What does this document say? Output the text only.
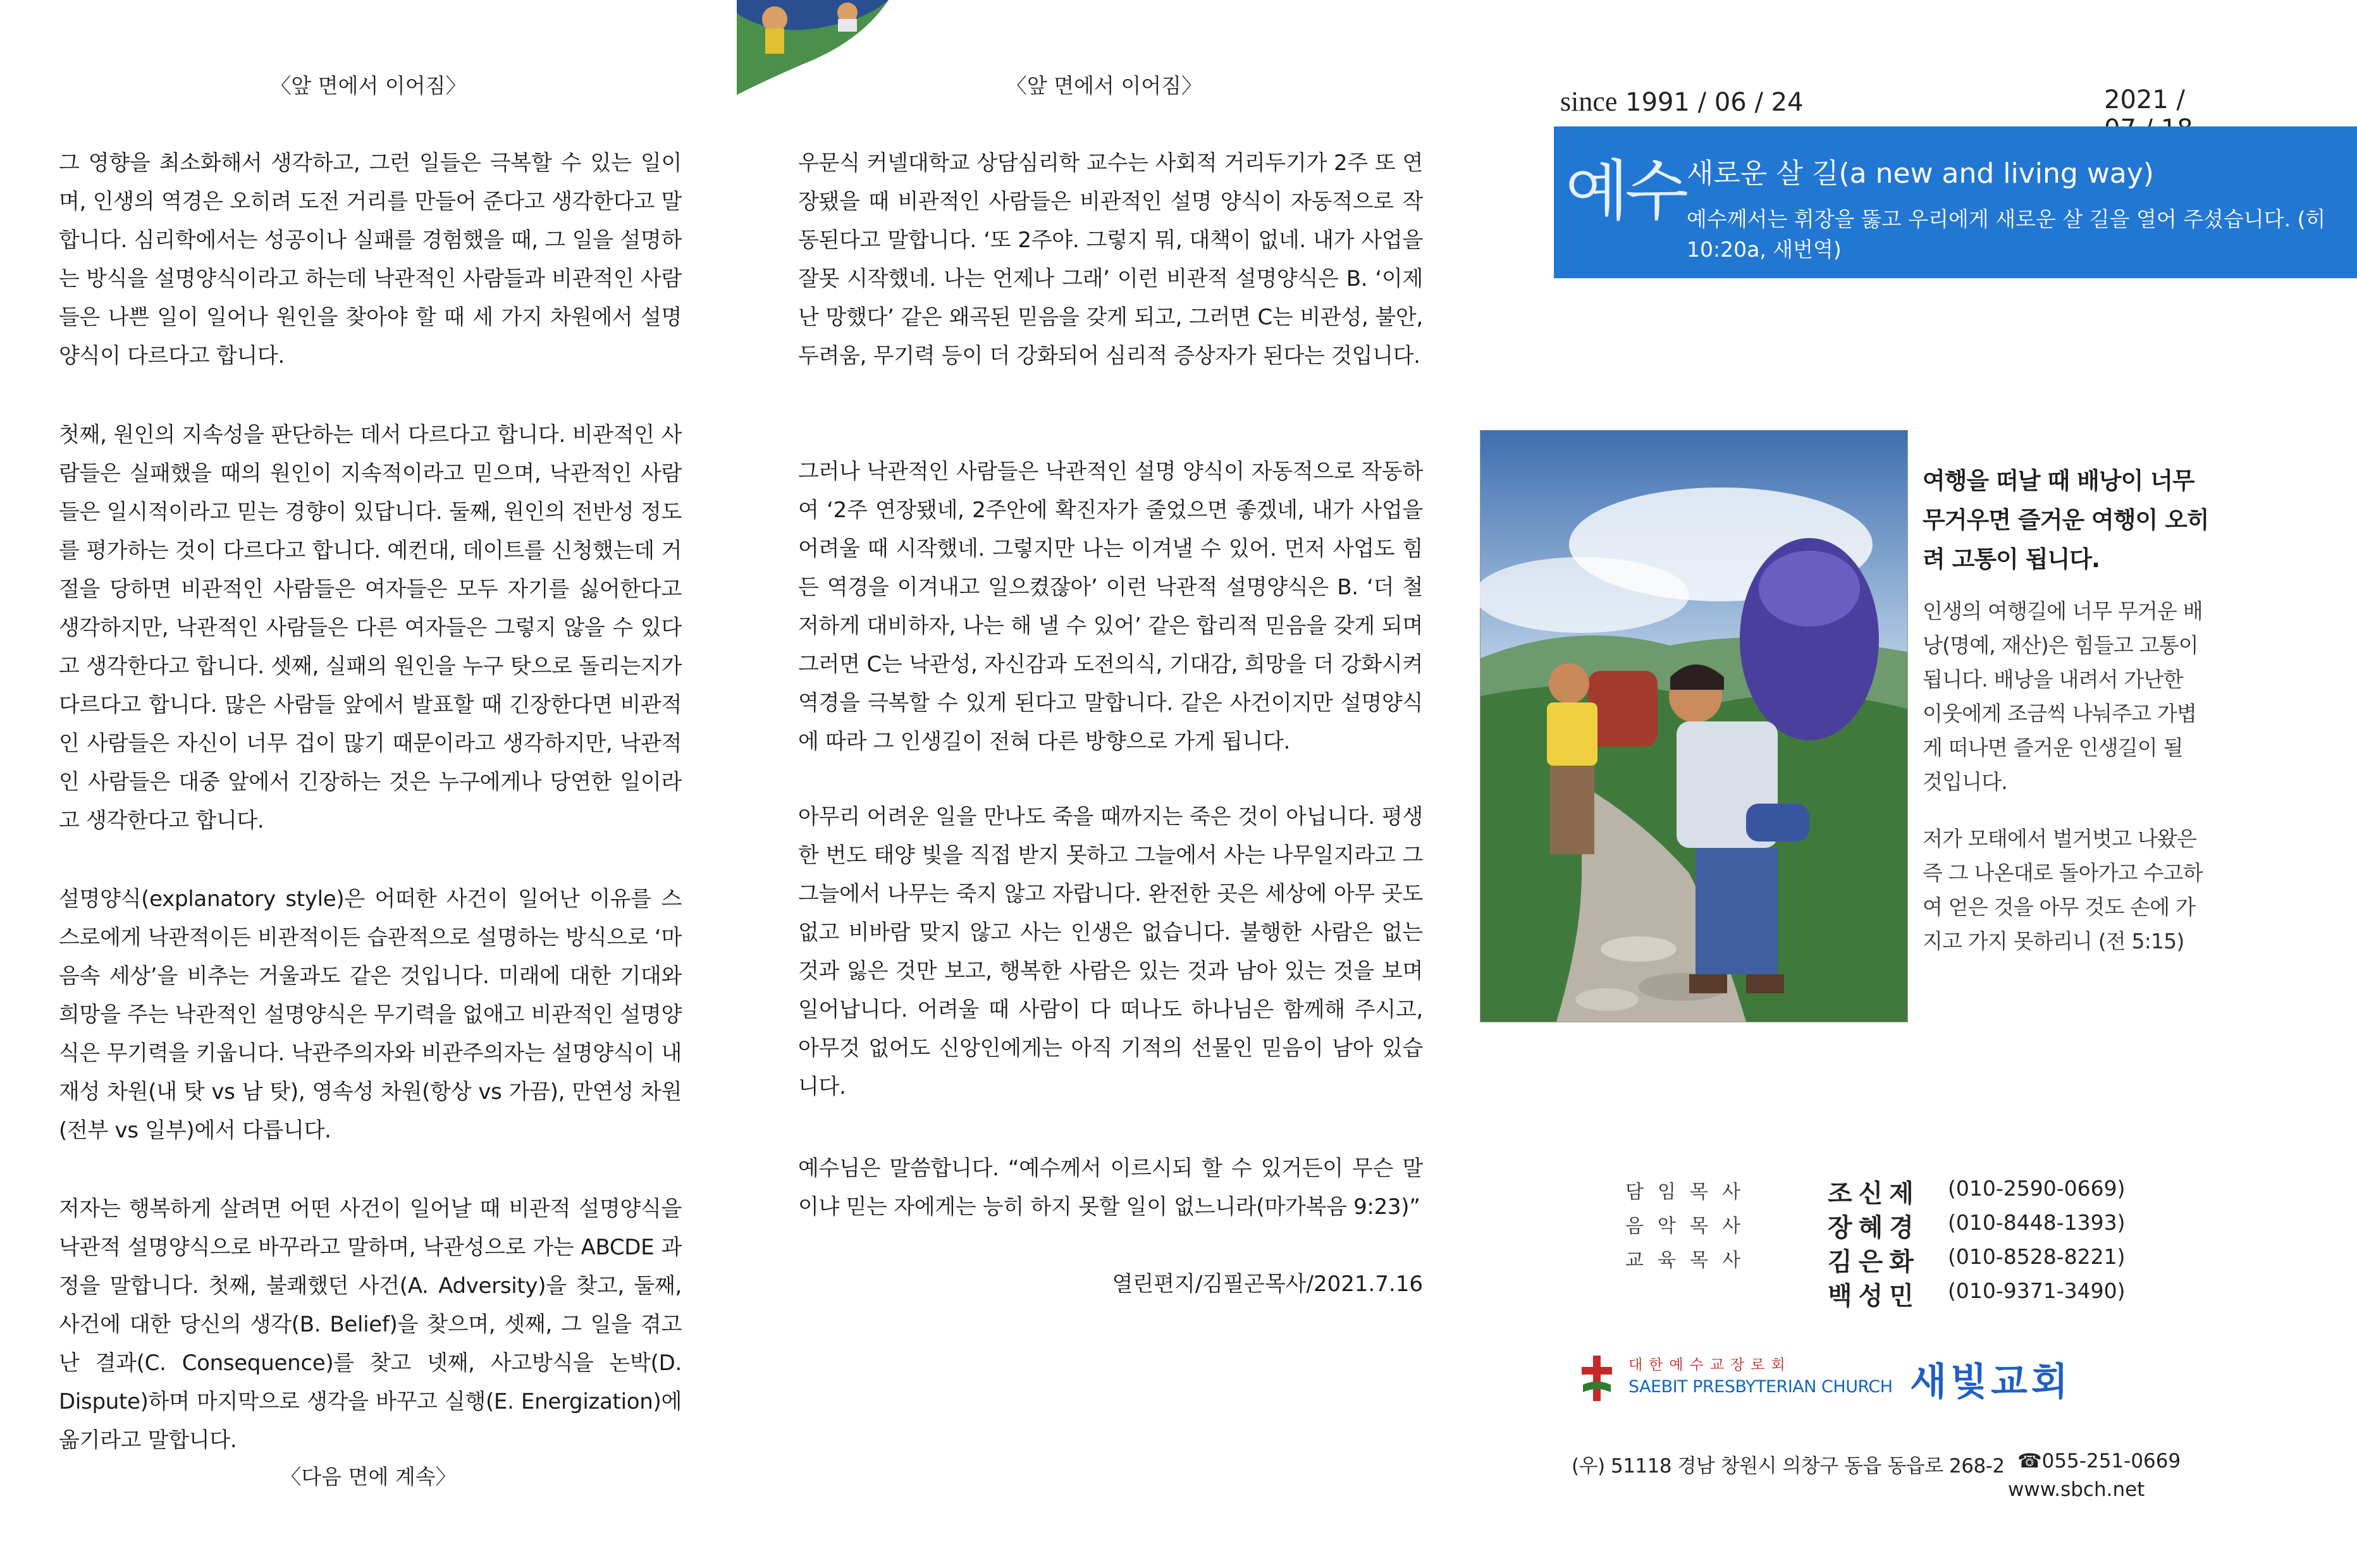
〈앞 면에서 이어짐〉

그 영향을 최소화해서 생각하고, 그런 일들은 극복할 수 있는 일이며, 인생의 역경은 오히려 도전 거리를 만들어 준다고 생각한다고 말합니다. 심리학에서는 성공이나 실패를 경험했을 때, 그 일을 설명하는 방식을 설명양식이라고 하는데 낙관적인 사람들과 비관적인 사람들은 나쁜 일이 일어나 원인을 찾아야 할 때 세 가지 차원에서 설명양식이 다르다고 합니다.

첫째, 원인의 지속성을 판단하는 데서 다르다고 합니다. 비관적인 사람들은 실패했을 때의 원인이 지속적이라고 믿으며, 낙관적인 사람들은 일시적이라고 믿는 경향이 있답니다. 둘째, 원인의 전반성 정도를 평가하는 것이 다르다고 합니다. 예컨대, 데이트를 신청했는데 거절을 당하면 비관적인 사람들은 여자들은 모두 자기를 싫어한다고 생각하지만, 낙관적인 사람들은 다른 여자들은 그렇지 않을 수 있다고 생각한다고 합니다. 셋째, 실패의 원인을 누구 탓으로 돌리는지가 다르다고 합니다. 많은 사람들 앞에서 발표할 때 긴장한다면 비관적인 사람들은 자신이 너무 겁이 많기 때문이라고 생각하지만, 낙관적인 사람들은 대중 앞에서 긴장하는 것은 누구에게나 당연한 일이라고 생각한다고 합니다.

설명양식(explanatory style)은 어떠한 사건이 일어난 이유를 스스로에게 낙관적이든 비관적이든 습관적으로 설명하는 방식으로 ‘마음속 세상’을 비추는 거울과도 같은 것입니다. 미래에 대한 기대와 희망을 주는 낙관적인 설명양식은 무기력을 없애고 비관적인 설명양식은 무기력을 키웁니다. 낙관주의자와 비관주의자는 설명양식이 내재성 차원(내 탓 vs 남 탓), 영속성 차원(항상 vs 가끔), 만연성 차원(전부 vs 일부)에서 다릅니다.

저자는 행복하게 살려면 어떤 사건이 일어날 때 비관적 설명양식을 낙관적 설명양식으로 바꾸라고 말하며, 낙관성으로 가는 ABCDE 과정을 말합니다. 첫째, 불쾌했던 사건(A. Adversity)을 찾고, 둘째, 사건에 대한 당신의 생각(B. Belief)을 찾으며, 셋째, 그 일을 겪고 난 결과(C. Consequence)를 찾고 넷째, 사고방식을 논박(D. Dispute)하며 마지막으로 생각을 바꾸고 실행(E. Energization)에 옮기라고 말합니다.

〈다음 면에 계속〉
〈앞 면에서 이어짐〉

우문식 커넬대학교 상담심리학 교수는 사회적 거리두기가 2주 또 연장됐을 때 비관적인 사람들은 비관적인 설명 양식이 자동적으로 작동된다고 말합니다. ‘또 2주야. 그렇지 뭐, 대책이 없네. 내가 사업을 잘못 시작했네. 나는 언제나 그래’ 이런 비관적 설명양식은 B. ‘이제 난 망했다’ 같은 왜곡된 믿음을 갖게 되고, 그러면 C는 비관성, 불안, 두려움, 무기력 등이 더 강화되어 심리적 증상자가 된다는 것입니다.

그러나 낙관적인 사람들은 낙관적인 설명 양식이 자동적으로 작동하여 ‘2주 연장됐네, 2주안에 확진자가 줄었으면 좋겠네, 내가 사업을 어려울 때 시작했네. 그렇지만 나는 이겨낼 수 있어. 먼저 사업도 힘든 역경을 이겨내고 일으켰잖아’ 이런 낙관적 설명양식은 B. ‘더 철저하게 대비하자, 나는 해 낼 수 있어’ 같은 합리적 믿음을 갖게 되며 그러면 C는 낙관성, 자신감과 도전의식, 기대감, 희망을 더 강화시켜 역경을 극복할 수 있게 된다고 말합니다. 같은 사건이지만 설명양식에 따라 그 인생길이 전혀 다른 방향으로 가게 됩니다.

아무리 어려운 일을 만나도 죽을 때까지는 죽은 것이 아닙니다. 평생 한 번도 태양 빛을 직접 받지 못하고 그늘에서 사는 나무일지라고 그 그늘에서 나무는 죽지 않고 자랍니다. 완전한 곳은 세상에 아무 곳도 없고 비바람 맞지 않고 사는 인생은 없습니다. 불행한 사람은 없는 것과 잃은 것만 보고, 행복한 사람은 있는 것과 남아 있는 것을 보며 일어납니다. 어려울 때 사람이 다 떠나도 하나님은 함께해 주시고, 아무것 없어도 신앙인에게는 아직 기적의 선물인 믿음이 남아 있습니다.

예수님은 말씀합니다. “예수께서 이르시되 할 수 있거든이 무슨 말이냐 믿는 자에게는 능히 하지 못할 일이 없느니라(마가복음 9:23)”

열린편지/김필곤목사/2021.7.16
since 1991 / 06 / 24	2021 /
예수 새로운 살 길(a new and living way)
예수께서는 휘장을 뚫고 우리에게 새로운 살 길을 열어 주셨습니다. (히 10:20a, 새번역)
여행을 떠날 때 배낭이 너무 무거우면 즐거운 여행이 오히려 고통이 됩니다.

인생의 여행길에 너무 무거운 배낭(명예, 재산)은 힘들고 고통이 됩니다. 배낭을 내려서 가난한 이웃에게 조금씩 나눠주고 가볍게 떠나면 즐거운 인생길이 될 것입니다.

저가 모태에서 벌거벗고 나왔은즉 그 나온대로 돌아가고 수고하여 얻은 것을 아무 것도 손에 가지고 가지 못하리니 (전 5:15)

담임목사	조신제 (010-2590-0669)
음악목사	장혜경 (010-8448-1393)
교육목사	김은화 (010-8528-8221)
백성민 (010-9371-3490)
대한예수교장로회
SAEBIT PRESBYTERIAN CHURCH 새빛교회
(우) 51118 경남 창원시 의창구 동읍 동읍로 268-2 ☎055-251-0669
www.sbch.net
